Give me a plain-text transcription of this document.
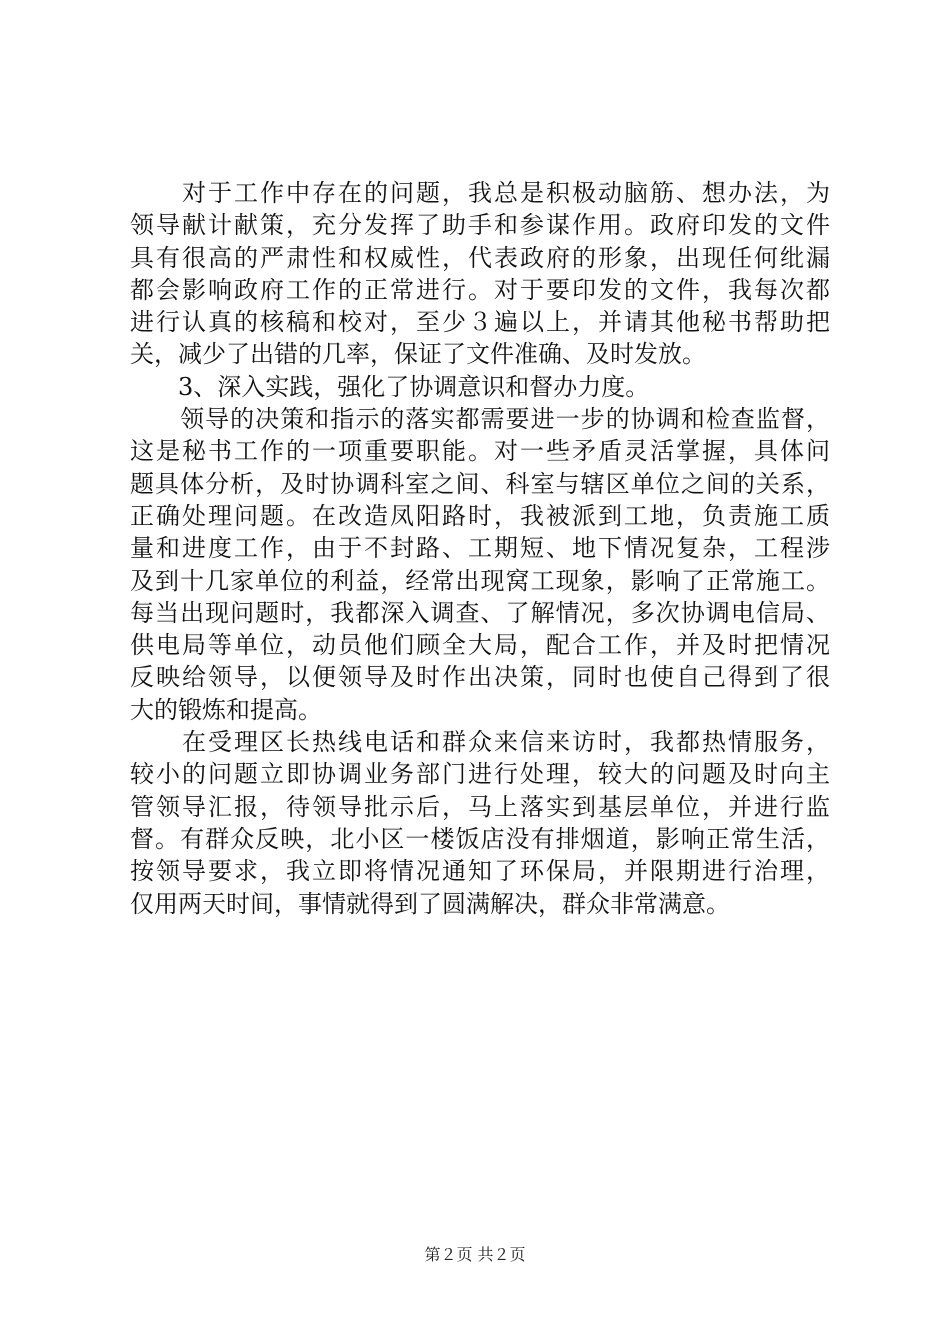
　　对于工作中存在的问题，我总是积极动脑筋、想办法，为
领导献计献策，充分发挥了助手和参谋作用。政府印发的文件
具有很高的严肃性和权威性，代表政府的形象，出现任何纰漏
都会影响政府工作的正常进行。对于要印发的文件，我每次都
进行认真的核稿和校对，至少３遍以上，并请其他秘书帮助把
关，减少了出错的几率，保证了文件准确、及时发放。
　　3、深入实践，强化了协调意识和督办力度。
　　领导的决策和指示的落实都需要进一步的协调和检查监督，
这是秘书工作的一项重要职能。对一些矛盾灵活掌握，具体问
题具体分析，及时协调科室之间、科室与辖区单位之间的关系，
正确处理问题。在改造凤阳路时，我被派到工地，负责施工质
量和进度工作，由于不封路、工期短、地下情况复杂，工程涉
及到十几家单位的利益，经常出现窝工现象，影响了正常施工。
每当出现问题时，我都深入调查、了解情况，多次协调电信局、
供电局等单位，动员他们顾全大局，配合工作，并及时把情况
反映给领导，以便领导及时作出决策，同时也使自己得到了很
大的锻炼和提高。
　　在受理区长热线电话和群众来信来访时，我都热情服务，
较小的问题立即协调业务部门进行处理，较大的问题及时向主
管领导汇报，待领导批示后，马上落实到基层单位，并进行监
督。有群众反映，北小区一楼饭店没有排烟道，影响正常生活，
按领导要求，我立即将情况通知了环保局，并限期进行治理，
仅用两天时间，事情就得到了圆满解决，群众非常满意。
第２页 共２页
